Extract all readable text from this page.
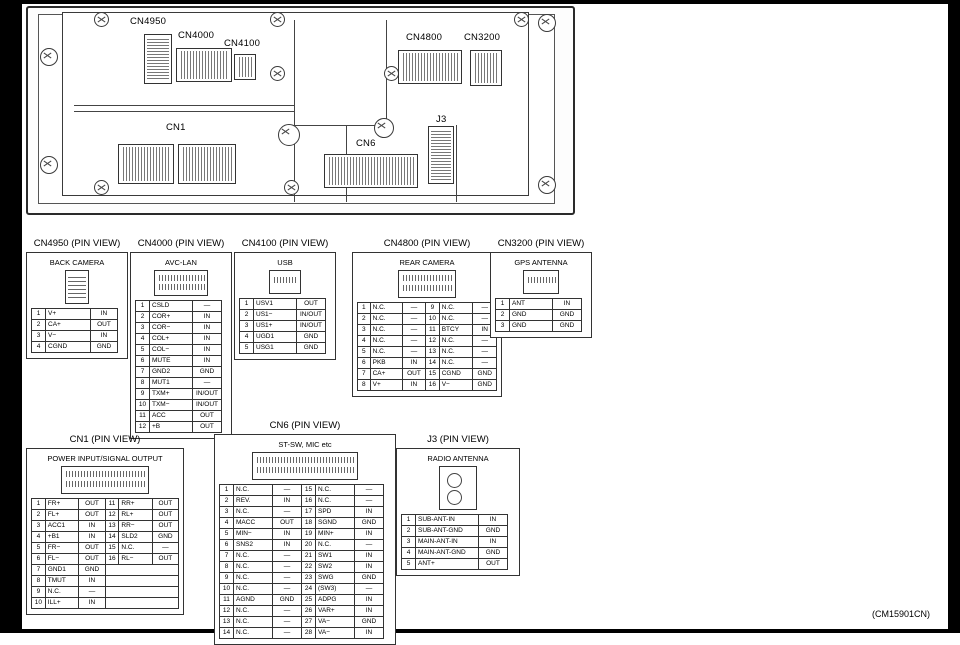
CN4950
CN4000
CN4100
CN4800 CN3200
CN1
CN6
J3
CN4950 (PIN VIEW)
BACK CAMERA
1	V+	IN
2	CA+	OUT
3	V−	IN
4	CGND	GND
CN4000 (PIN VIEW)
AVC-LAN
1	CSLD	—
2	COR+	IN
3	COR−	IN
4	COL+	IN
5	COL−	IN
6	MUTE	IN
7	GND2	GND
8	MUT1	—
9	TXM+	IN/OUT
10	TXM−	IN/OUT
11	ACC	OUT
12	+B	OUT
CN4100 (PIN VIEW)
USB
1	USV1	OUT
2	US1−	IN/OUT
3	US1+	IN/OUT
4	UGD1	GND
5	USG1	GND
CN4800 (PIN VIEW)
REAR CAMERA
1	N.C.	—	9	N.C.	—
2	N.C.	—	10	N.C.	—
3	N.C.	—	11	BTCY	IN
4	N.C.	—	12	N.C.	—
5	N.C.	—	13	N.C.	—
6	PKB	IN	14	N.C.	—
7	CA+	OUT	15	CGND	GND
8	V+	IN	16	V−	GND
CN3200 (PIN VIEW)
GPS ANTENNA
1	ANT	IN
2	GND	GND
3	GND	GND
CN1 (PIN VIEW)
POWER INPUT/SIGNAL OUTPUT
1	FR+	OUT	11	RR+	OUT
2	FL+	OUT	12	RL+	OUT
3	ACC1	IN	13	RR−	OUT
4	+B1	IN	14	SLD2	GND
5	FR−	OUT	15	N.C.	—
6	FL−	OUT	16	RL−	OUT
7	GND1	GND			
8	TMUT	IN			
9	N.C.	—			
10	ILL+	IN			
CN6 (PIN VIEW)
ST-SW, MIC etc
1	N.C.	—	15	N.C.	—
2	REV.	IN	16	N.C.	—
3	N.C.	—	17	SPD	IN
4	MACC	OUT	18	SGND	GND
5	MIN−	IN	19	MIN+	IN
6	SNS2	IN	20	N.C.	—
7	N.C.	—	21	SW1	IN
8	N.C.	—	22	SW2	IN
9	N.C.	—	23	SWG	GND
10	N.C.	—	24	(SW3)	—
11	AGND	GND	25	ADPG	IN
12	N.C.	—	26	VAR+	IN
13	N.C.	—	27	VA−	GND
14	N.C.	—	28	VA−	IN
J3 (PIN VIEW)
RADIO ANTENNA
1	SUB-ANT-IN	IN
2	SUB-ANT-GND	GND
3	MAIN-ANT-IN	IN
4	MAIN-ANT-GND	GND
5	ANT+	OUT
(CM15901CN)
